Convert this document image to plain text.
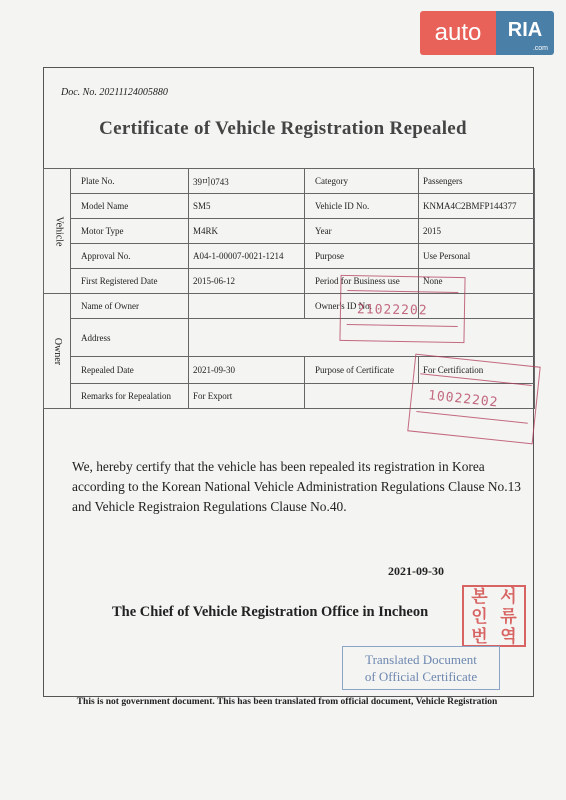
auto	RIA
.com
Doc. No. 20211124005880
Certificate of Vehicle Registration Repealed
Vehicle	Plate No.	39미0743	Category	Passengers
	Model Name	SM5	Vehicle ID No.	KNMA4C2BMFP144377
	Motor Type	M4RK	Year	2015
	Approval No.	A04-1-00007-0021-1214	Purpose	Use Personal
	First Registered Date	2015-06-12	Period for Business use	None
Owner	Name of Owner		Owner's ID No.	
	Address			
	Repealed Date	2021-09-30	Purpose of Certificate	For Certification
	Remarks for Repealation	For Export		
21022202
10022202
We, hereby certify that the vehicle has been repealed its registration in Korea according to the Korean National Vehicle Administration Regulations Clause No.13 and Vehicle Registraion Regulations Clause No.40.
2021-09-30
The Chief of Vehicle Registration Office in Incheon
본 서
인 류
번 역
Translated Document
of Official Certificate
This is not government document. This has been translated from official document, Vehicle Registration
